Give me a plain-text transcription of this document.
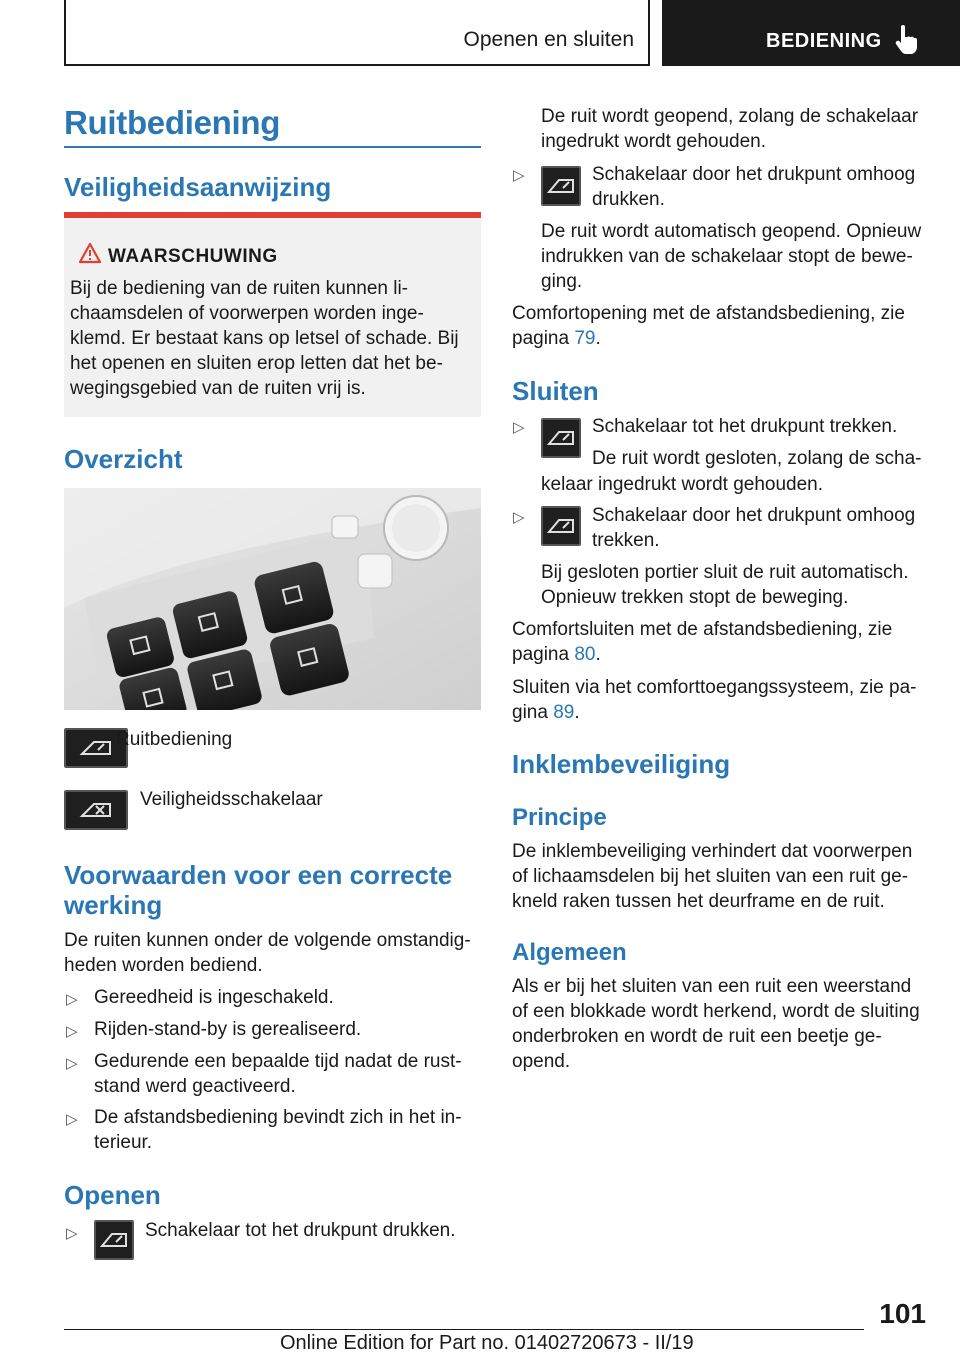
Openen en sluiten	BEDIENING
Ruitbediening
Veiligheidsaanwijzing
WAARSCHUWING
Bij de bediening van de ruiten kunnen li-
chaamsdelen of voorwerpen worden inge-
klemd. Er bestaat kans op letsel of schade. Bij
het openen en sluiten erop letten dat het be-
wegingsgebied van de ruiten vrij is.
Overzicht
Ruitbediening
Veiligheidsschakelaar
Voorwaarden voor een correcte
werking
De ruiten kunnen onder de volgende omstandig-
heden worden bediend.
▷ Gereedheid is ingeschakeld.
▷ Rijden-stand-by is gerealiseerd.
▷ Gedurende een bepaalde tijd nadat de rust-
stand werd geactiveerd.
▷ De afstandsbediening bevindt zich in het in-
terieur.
Openen
▷	Schakelaar tot het drukpunt drukken.
De ruit wordt geopend, zolang de schakelaar
ingedrukt wordt gehouden.
▷	Schakelaar door het drukpunt omhoog
drukken.
De ruit wordt automatisch geopend. Opnieuw
indrukken van de schakelaar stopt de bewe-
ging.
Comfortopening met de afstandsbediening, zie
pagina 79.
Sluiten
▷	Schakelaar tot het drukpunt trekken.
De ruit wordt gesloten, zolang de scha-
kelaar ingedrukt wordt gehouden.
▷	Schakelaar door het drukpunt omhoog
trekken.
Bij gesloten portier sluit de ruit automatisch.
Opnieuw trekken stopt de beweging.
Comfortsluiten met de afstandsbediening, zie
pagina 80.
Sluiten via het comforttoegangssysteem, zie pa-
gina 89.
Inklembeveiliging
Principe
De inklembeveiliging verhindert dat voorwerpen
of lichaamsdelen bij het sluiten van een ruit ge-
kneld raken tussen het deurframe en de ruit.
Algemeen
Als er bij het sluiten van een ruit een weerstand
of een blokkade wordt herkend, wordt de sluiting
onderbroken en wordt de ruit een beetje ge-
opend.
101
Online Edition for Part no. 01402720673 - II/19
